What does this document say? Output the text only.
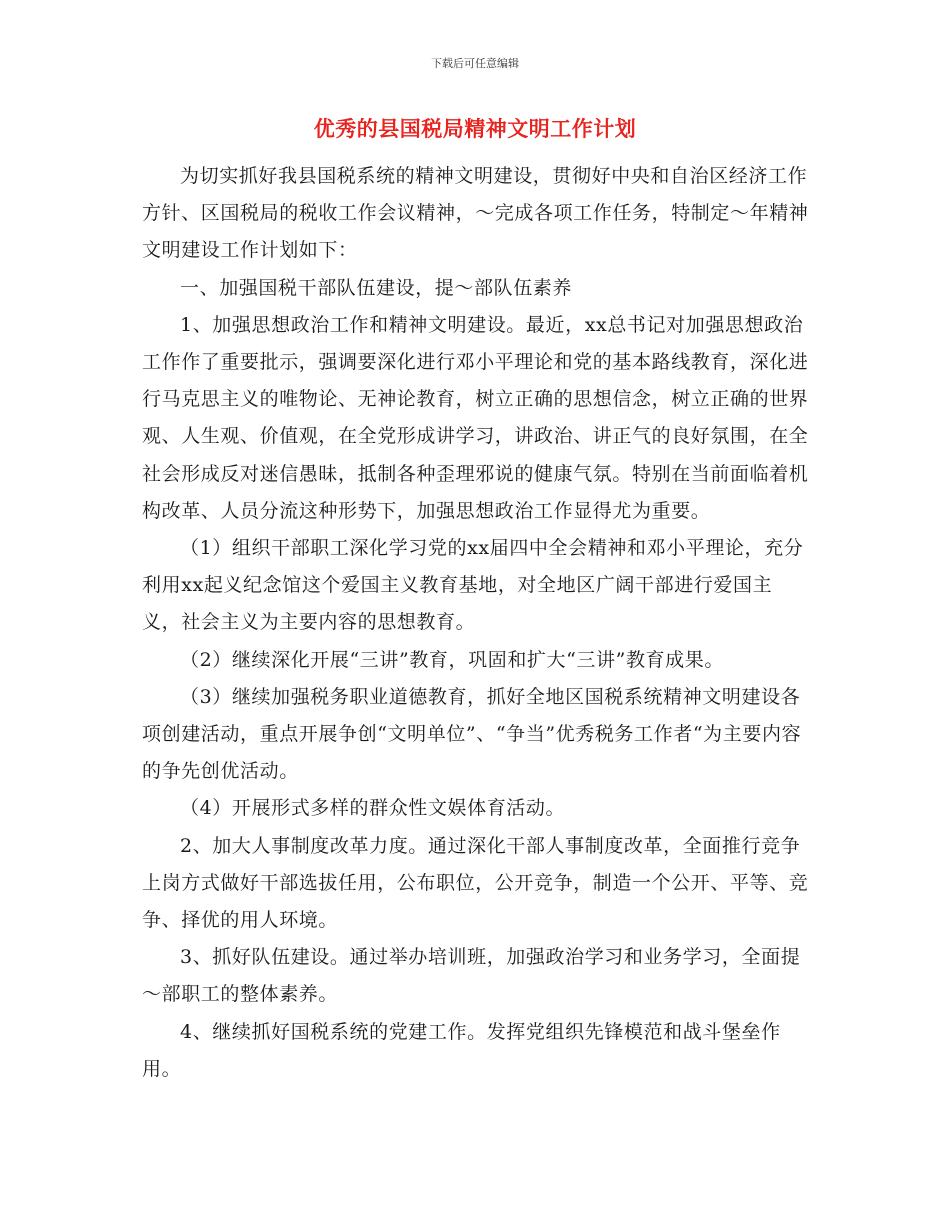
下载后可任意编辑
优秀的县国税局精神文明工作计划

为切实抓好我县国税系统的精神文明建设，贯彻好中央和自治区经济工作方针、区国税局的税收工作会议精神，～完成各项工作任务，特制定～年精神文明建设工作计划如下：

一、加强国税干部队伍建设，提～部队伍素养

1、加强思想政治工作和精神文明建设。最近，xx总书记对加强思想政治工作作了重要批示，强调要深化进行邓小平理论和党的基本路线教育，深化进行马克思主义的唯物论、无神论教育，树立正确的思想信念，树立正确的世界观、人生观、价值观，在全党形成讲学习，讲政治、讲正气的良好氛围，在全社会形成反对迷信愚昧，抵制各种歪理邪说的健康气氛。特别在当前面临着机构改革、人员分流这种形势下，加强思想政治工作显得尤为重要。

（1）组织干部职工深化学习党的xx届四中全会精神和邓小平理论，充分利用xx起义纪念馆这个爱国主义教育基地，对全地区广阔干部进行爱国主义，社会主义为主要内容的思想教育。

（2）继续深化开展“三讲”教育，巩固和扩大“三讲”教育成果。

（3）继续加强税务职业道德教育，抓好全地区国税系统精神文明建设各项创建活动，重点开展争创“文明单位”、“争当”优秀税务工作者“为主要内容的争先创优活动。

（4）开展形式多样的群众性文娱体育活动。

2、加大人事制度改革力度。通过深化干部人事制度改革，全面推行竞争上岗方式做好干部选拔任用，公布职位，公开竞争，制造一个公开、平等、竞争、择优的用人环境。

3、抓好队伍建设。通过举办培训班，加强政治学习和业务学习，全面提～部职工的整体素养。

4、继续抓好国税系统的党建工作。发挥党组织先锋模范和战斗堡垒作用。
